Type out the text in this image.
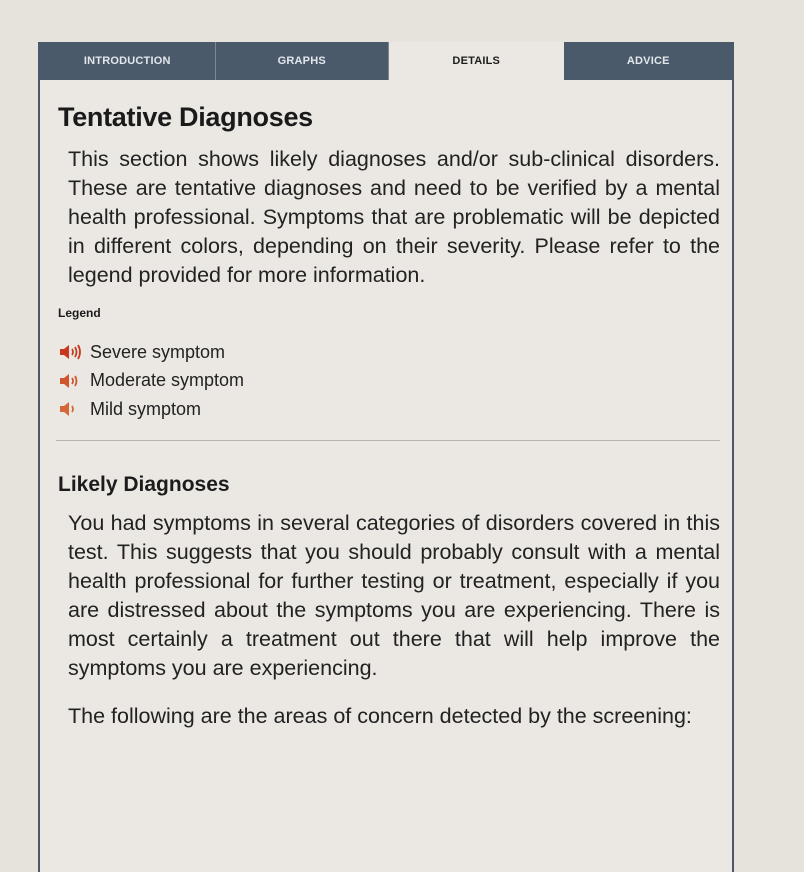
INTRODUCTION	GRAPHS	DETAILS	ADVICE
Tentative Diagnoses

This section shows likely diagnoses and/or sub-clinical disorders. These are tentative diagnoses and need to be verified by a mental health professional. Symptoms that are problematic will be depicted in different colors, depending on their severity. Please refer to the legend provided for more information.

Legend
Severe symptom
Moderate symptom
Mild symptom
Likely Diagnoses

You had symptoms in several categories of disorders covered in this test. This suggests that you should probably consult with a mental health professional for further testing or treatment, especially if you are distressed about the symptoms you are experiencing. There is most certainly a treatment out there that will help improve the symptoms you are experiencing.

The following are the areas of concern detected by the screening:
